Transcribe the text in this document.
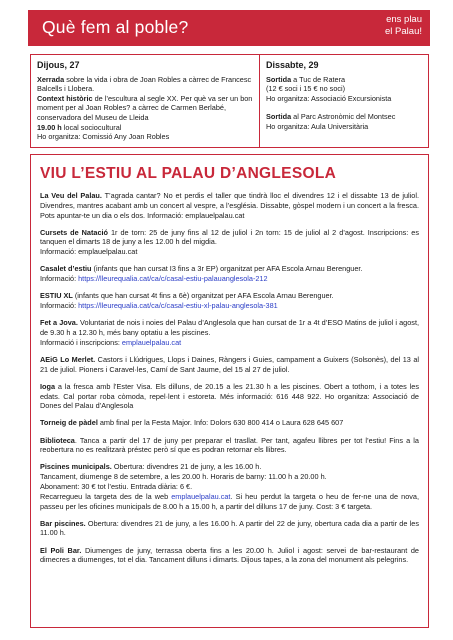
Què fem al poble?	ens plau
el Palau!
Dijous, 27
Xerrada sobre la vida i obra de Joan Robles a càrrec de Francesc Balcells i Llobera.
Context històric de l’escultura al segle XX. Per què va ser un bon moment per al Joan Robles? a càrrec de Carmen Berlabé, conservadora del Museu de Lleida
19.00 h local sociocultural
Ho organitza: Comissió Any Joan Robles
Dissabte, 29
Sortida a Tuc de Ratera
(12 € soci i 15 € no soci)
Ho organitza: Associació Excursionista
Sortida al Parc Astronòmic del Montsec
Ho organitza: Aula Universitària
VIU L’ESTIU AL PALAU D’ANGLESOLA

La Veu del Palau. T’agrada cantar? No et perdis el taller que tindrà lloc el divendres 12 i el dissabte 13 de juliol. Divendres, mantres acabant amb un concert al vespre, a l’església. Dissabte, gòspel modern i un concert a la fresca. Pots apuntar-te un dia o els dos. Informació: emplauelpalau.cat

Cursets de Natació 1r de torn: 25 de juny fins al 12 de juliol i 2n torn: 15 de juliol al 2 d’agost. Inscripcions: es tanquen el dimarts 18 de juny a les 12.00 h del migdia.
Informació: emplauelpalau.cat

Casalet d’estiu (infants que han cursat I3 fins a 3r EP) organitzat per AFA Escola Arnau Berenguer.
Informació: https://lleurequalia.cat/ca/c/casal-estiu-palauanglesola-212

ESTIU XL (infants que han cursat 4t fins a 6è) organitzat per AFA Escola Arnau Berenguer.
Informació: https://lleurequalia.cat/ca/c/casal-estiu-xl-palau-anglesola-381

Fet a Jova. Voluntariat de nois i noies del Palau d’Anglesola que han cursat de 1r a 4t d’ESO Matins de juliol i agost, de 9.30 h a 12.30 h, més bany optatiu a les piscines.
Informació i inscripcions: emplauelpalau.cat

AEiG Lo Merlet. Castors i Llúdrigues, Llops i Daines, Ràngers i Guies, campament a Guixers (Solsonès), del 13 al 21 de juliol. Pioners i Caravel·les, Camí de Sant Jaume, del 15 al 27 de juliol.

Ioga a la fresca amb l’Ester Visa. Els dilluns, de 20.15 a les 21.30 h a les piscines. Obert a tothom, i a totes les edats. Cal portar roba còmoda, repel·lent i estoreta. Més informació: 616 448 922. Ho organitza: Associació de Dones del Palau d’Anglesola

Torneig de pàdel amb final per la Festa Major. Info: Dolors 630 800 414 o Laura 628 645 607

Biblioteca. Tanca a partir del 17 de juny per preparar el trasllat. Per tant, agafeu llibres per tot l’estiu! Fins a la reobertura no es realitzarà préstec però sí que es podran retornar els llibres.

Piscines municipals. Obertura: divendres 21 de juny, a les 16.00 h.
Tancament, diumenge 8 de setembre, a les 20.00 h. Horaris de barny: 11.00 h a 20.00 h.
Abonament: 30 € tot l’estiu. Entrada diària: 6 €.
Recarregueu la targeta des de la web emplauelpalau.cat. Si heu perdut la targeta o heu de fer-ne una de nova, passeu per les oficines municipals de 8.00 h a 15.00 h, a partir del dilluns 17 de juny. Cost: 3 € targeta.

Bar piscines. Obertura: divendres 21 de juny, a les 16.00 h. A partir del 22 de juny, obertura cada dia a partir de les 11.00 h.

El Poli Bar. Diumenges de juny, terrassa oberta fins a les 20.00 h. Juliol i agost: servei de bar-restaurant de dimecres a diumenges, tot el dia. Tancament dilluns i dimarts. Dijous tapes, a la zona del monument als pelegrins.
